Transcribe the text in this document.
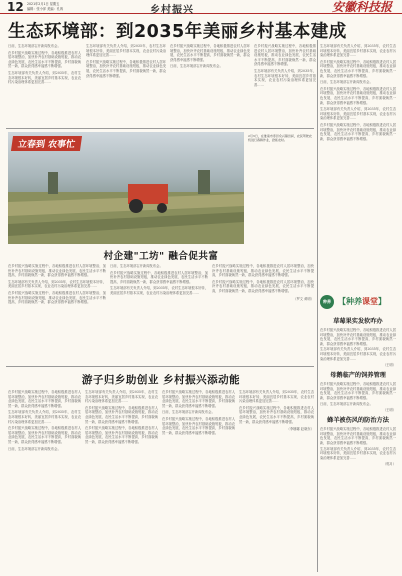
12 2021年2月1日 星期五
编辑：张小萍 美编：孔苒	乡村振兴	安徽科技报
生态环境部：到2035年美丽乡村基本建成
日前，生态环境部召开新闻发布会。
在乡村振兴战略实施过程中，各地积极推进农村人居环境整治，加快补齐农村基础设施短板，推动农业绿色发展，农民生活水平不断提高，乡村面貌焕然一新，群众获得感幸福感不断增强。
生态环境部有关负责人介绍，到2035年，农村生态环境根本好转，美丽宜居乡村基本实现，农业农村污染治理体系更加完善……
生态环境部有关负责人介绍，到2035年，农村生态环境根本好转，美丽宜居乡村基本实现，农业农村污染治理体系更加完善……
在乡村振兴战略实施过程中，各地积极推进农村人居环境整治，加快补齐农村基础设施短板，推动农业绿色发展，农民生活水平不断提高，乡村面貌焕然一新，群众获得感幸福感不断增强。
在乡村振兴战略实施过程中，各地积极推进农村人居环境整治，加快补齐农村基础设施短板，推动农业绿色发展，农民生活水平不断提高，乡村面貌焕然一新，群众获得感幸福感不断增强。
日前，生态环境部召开新闻发布会。
在乡村振兴战略实施过程中，各地积极推进农村人居环境整治，加快补齐农村基础设施短板，推动农业绿色发展，农民生活水平不断提高，乡村面貌焕然一新，群众获得感幸福感不断增强。
生态环境部有关负责人介绍，到2035年，农村生态环境根本好转，美丽宜居乡村基本实现，农业农村污染治理体系更加完善……
生态环境部有关负责人介绍，到2035年，农村生态环境根本好转，美丽宜居乡村基本实现，农业农村污染治理体系更加完善……
在乡村振兴战略实施过程中，各地积极推进农村人居环境整治，加快补齐农村基础设施短板，推动农业绿色发展，农民生活水平不断提高，乡村面貌焕然一新，群众获得感幸福感不断增强。
日前，生态环境部召开新闻发布会。
在乡村振兴战略实施过程中，各地积极推进农村人居环境整治，加快补齐农村基础设施短板，推动农业绿色发展，农民生活水平不断提高，乡村面貌焕然一新，群众获得感幸福感不断增强。
生态环境部有关负责人介绍，到2035年，农村生态环境根本好转，美丽宜居乡村基本实现，农业农村污染治理体系更加完善……
在乡村振兴战略实施过程中，各地积极推进农村人居环境整治，加快补齐农村基础设施短板，推动农业绿色发展，农民生活水平不断提高，乡村面貌焕然一新，群众获得感幸福感不断增强。
立春到 农事忙
2月3日，在淮南市寿县众兴镇田间，农民驾驶农机进行春耕作业，抢抓农时。
村企建"工坊" 融合促共富
在乡村振兴战略实施过程中，各地积极推进农村人居环境整治，加快补齐农村基础设施短板，推动农业绿色发展，农民生活水平不断提高，乡村面貌焕然一新，群众获得感幸福感不断增强。
生态环境部有关负责人介绍，到2035年，农村生态环境根本好转，美丽宜居乡村基本实现，农业农村污染治理体系更加完善……
在乡村振兴战略实施过程中，各地积极推进农村人居环境整治，加快补齐农村基础设施短板，推动农业绿色发展，农民生活水平不断提高，乡村面貌焕然一新，群众获得感幸福感不断增强。
日前，生态环境部召开新闻发布会。
在乡村振兴战略实施过程中，各地积极推进农村人居环境整治，加快补齐农村基础设施短板，推动农业绿色发展，农民生活水平不断提高，乡村面貌焕然一新，群众获得感幸福感不断增强。
生态环境部有关负责人介绍，到2035年，农村生态环境根本好转，美丽宜居乡村基本实现，农业农村污染治理体系更加完善……
在乡村振兴战略实施过程中，各地积极推进农村人居环境整治，加快补齐农村基础设施短板，推动农业绿色发展，农民生活水平不断提高，乡村面貌焕然一新，群众获得感幸福感不断增强。
在乡村振兴战略实施过程中，各地积极推进农村人居环境整治，加快补齐农村基础设施短板，推动农业绿色发展，农民生活水平不断提高，乡村面貌焕然一新，群众获得感幸福感不断增强。
（罗文 黄明）
游子归乡助创业 乡村振兴添动能
在乡村振兴战略实施过程中，各地积极推进农村人居环境整治，加快补齐农村基础设施短板，推动农业绿色发展，农民生活水平不断提高，乡村面貌焕然一新，群众获得感幸福感不断增强。
生态环境部有关负责人介绍，到2035年，农村生态环境根本好转，美丽宜居乡村基本实现，农业农村污染治理体系更加完善……
在乡村振兴战略实施过程中，各地积极推进农村人居环境整治，加快补齐农村基础设施短板，推动农业绿色发展，农民生活水平不断提高，乡村面貌焕然一新，群众获得感幸福感不断增强。
日前，生态环境部召开新闻发布会。
生态环境部有关负责人介绍，到2035年，农村生态环境根本好转，美丽宜居乡村基本实现，农业农村污染治理体系更加完善……
在乡村振兴战略实施过程中，各地积极推进农村人居环境整治，加快补齐农村基础设施短板，推动农业绿色发展，农民生活水平不断提高，乡村面貌焕然一新，群众获得感幸福感不断增强。
在乡村振兴战略实施过程中，各地积极推进农村人居环境整治，加快补齐农村基础设施短板，推动农业绿色发展，农民生活水平不断提高，乡村面貌焕然一新，群众获得感幸福感不断增强。
在乡村振兴战略实施过程中，各地积极推进农村人居环境整治，加快补齐农村基础设施短板，推动农业绿色发展，农民生活水平不断提高，乡村面貌焕然一新，群众获得感幸福感不断增强。
日前，生态环境部召开新闻发布会。
在乡村振兴战略实施过程中，各地积极推进农村人居环境整治，加快补齐农村基础设施短板，推动农业绿色发展，农民生活水平不断提高，乡村面貌焕然一新，群众获得感幸福感不断增强。
生态环境部有关负责人介绍，到2035年，农村生态环境根本好转，美丽宜居乡村基本实现，农业农村污染治理体系更加完善……
在乡村振兴战略实施过程中，各地积极推进农村人居环境整治，加快补齐农村基础设施短板，推动农业绿色发展，农民生活水平不断提高，乡村面貌焕然一新，群众获得感幸福感不断增强。
（李娜娜 赵晓东）
种养 【种养课堂】
草莓果实发软咋办
在乡村振兴战略实施过程中，各地积极推进农村人居环境整治，加快补齐农村基础设施短板，推动农业绿色发展，农民生活水平不断提高，乡村面貌焕然一新，群众获得感幸福感不断增强。
生态环境部有关负责人介绍，到2035年，农村生态环境根本好转，美丽宜居乡村基本实现，农业农村污染治理体系更加完善……
（王明）
母鹅临产的饲养管理
在乡村振兴战略实施过程中，各地积极推进农村人居环境整治，加快补齐农村基础设施短板，推动农业绿色发展，农民生活水平不断提高，乡村面貌焕然一新，群众获得感幸福感不断增强。
日前，生态环境部召开新闻发布会。
（王明）
蜂羊被伤风的防治方法
在乡村振兴战略实施过程中，各地积极推进农村人居环境整治，加快补齐农村基础设施短板，推动农业绿色发展，农民生活水平不断提高，乡村面貌焕然一新，群众获得感幸福感不断增强。
生态环境部有关负责人介绍，到2035年，农村生态环境根本好转，美丽宜居乡村基本实现，农业农村污染治理体系更加完善……
（郭月）
